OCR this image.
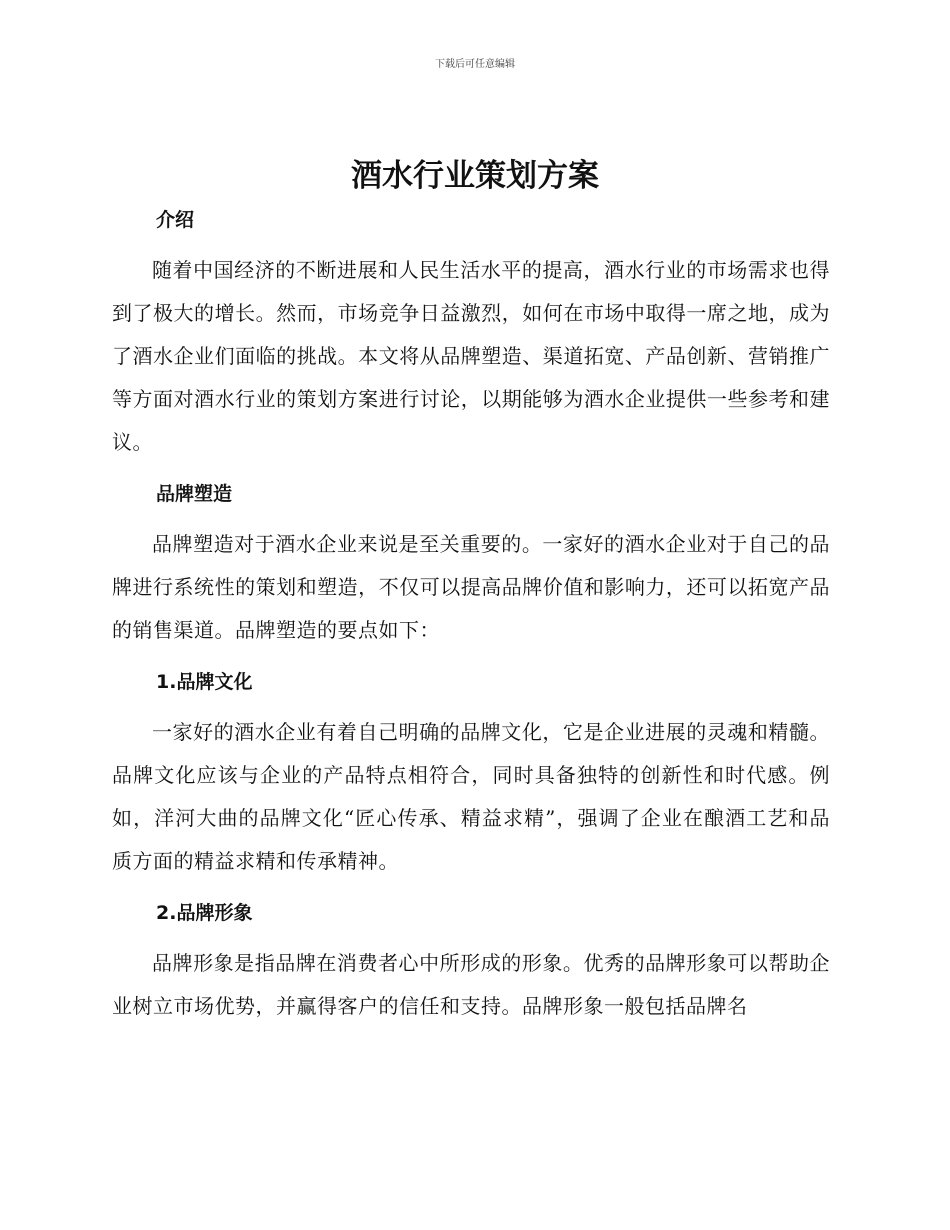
下载后可任意编辑
酒水行业策划方案
介绍

随着中国经济的不断进展和人民生活水平的提高，酒水行业的市场需求也得到了极大的增长。然而，市场竞争日益激烈，如何在市场中取得一席之地，成为了酒水企业们面临的挑战。本文将从品牌塑造、渠道拓宽、产品创新、营销推广等方面对酒水行业的策划方案进行讨论，以期能够为酒水企业提供一些参考和建议。

品牌塑造

品牌塑造对于酒水企业来说是至关重要的。一家好的酒水企业对于自己的品牌进行系统性的策划和塑造，不仅可以提高品牌价值和影响力，还可以拓宽产品的销售渠道。品牌塑造的要点如下：

1.品牌文化

一家好的酒水企业有着自己明确的品牌文化，它是企业进展的灵魂和精髓。品牌文化应该与企业的产品特点相符合，同时具备独特的创新性和时代感。例如，洋河大曲的品牌文化“匠心传承、精益求精”，强调了企业在酿酒工艺和品质方面的精益求精和传承精神。

2.品牌形象

品牌形象是指品牌在消费者心中所形成的形象。优秀的品牌形象可以帮助企业树立市场优势，并赢得客户的信任和支持。品牌形象一般包括品牌名
